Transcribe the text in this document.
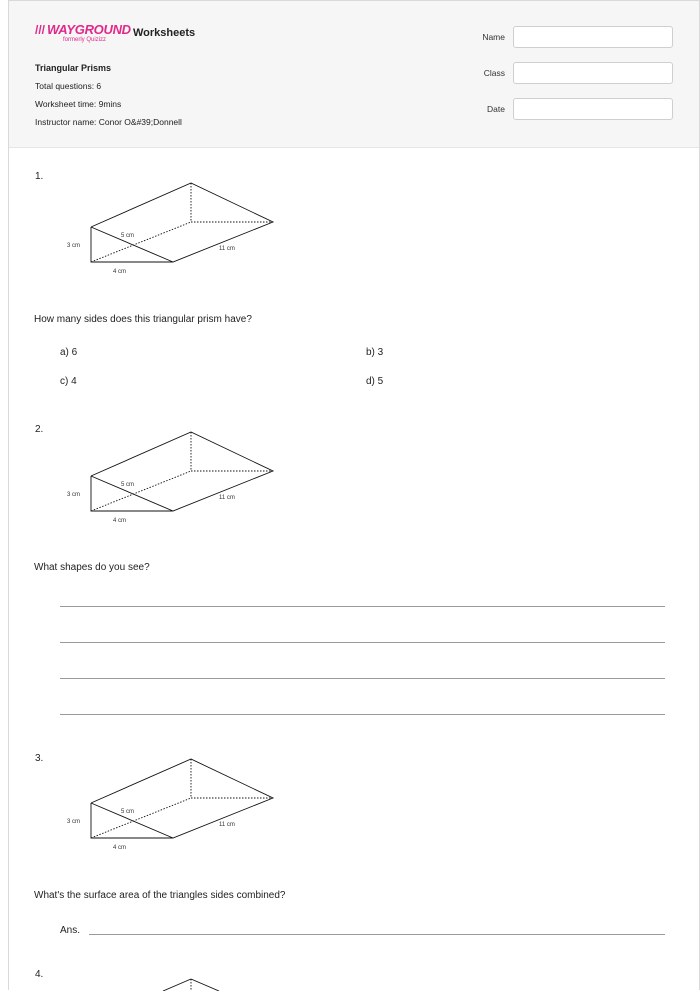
/// WAYGROUND
formerly Quizizz
Worksheets
Triangular Prisms
Total questions: 6
Worksheet time: 9mins
Instructor name: Conor O&#39;Donnell
Name
Class
Date
1.
3 cm
5 cm
4 cm
11 cm
How many sides does this triangular prism have?
a) 6	b) 3
c) 4	d) 5
2.
3 cm
5 cm
4 cm
11 cm
What shapes do you see?
3.
3 cm
5 cm
4 cm
11 cm
What's the surface area of the triangles sides combined?
Ans.
4.
